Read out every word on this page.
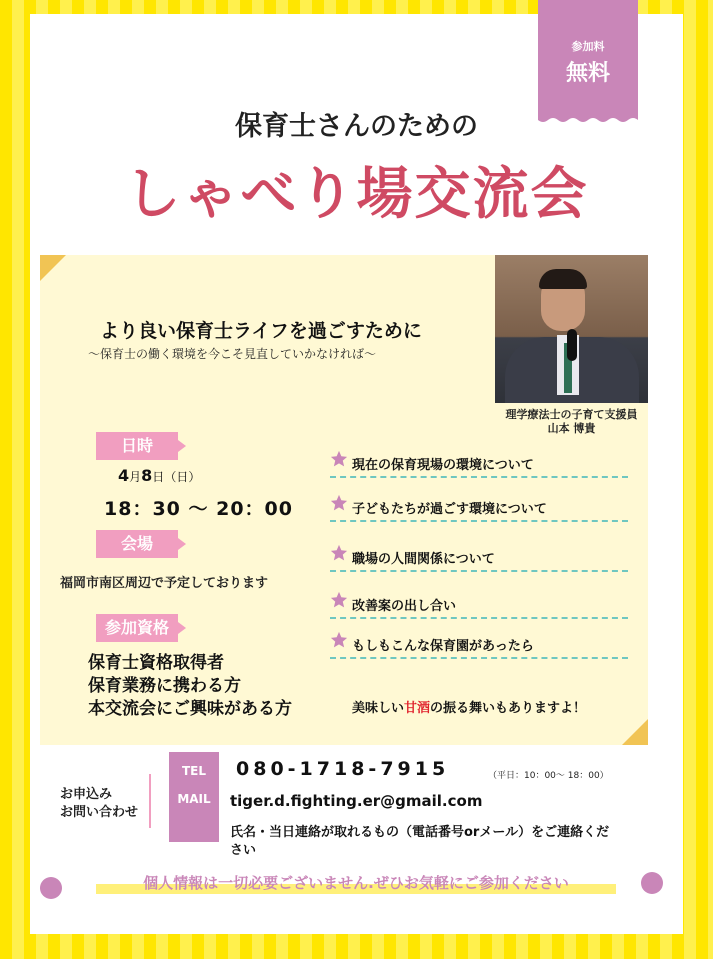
参加料
無料
保育士さんのための
しゃべり場交流会
理学療法士の子育て支援員
山本 博貴
より良い保育士ライフを過ごすために
～保育士の働く環境を今こそ見直していかなければ～
日時
4月8日（日）
18：30 ～ 20：00
会場
福岡市南区周辺で予定しております
参加資格
保育士資格取得者
保育業務に携わる方
本交流会にご興味がある方
現在の保育現場の環境について
子どもたちが過ごす環境について
職場の人間関係について
改善案の出し合い
もしもこんな保育園があったら
美味しい甘酒の振る舞いもありますよ！
お申込み
お問い合わせ
TEL
MAIL
080-1718-7915	（平日：10：00～ 18：00）
tiger.d.fighting.er@gmail.com
氏名・当日連絡が取れるもの（電話番号orメール）をご連絡ください
個人情報は一切必要ございません.ぜひお気軽にご参加ください
